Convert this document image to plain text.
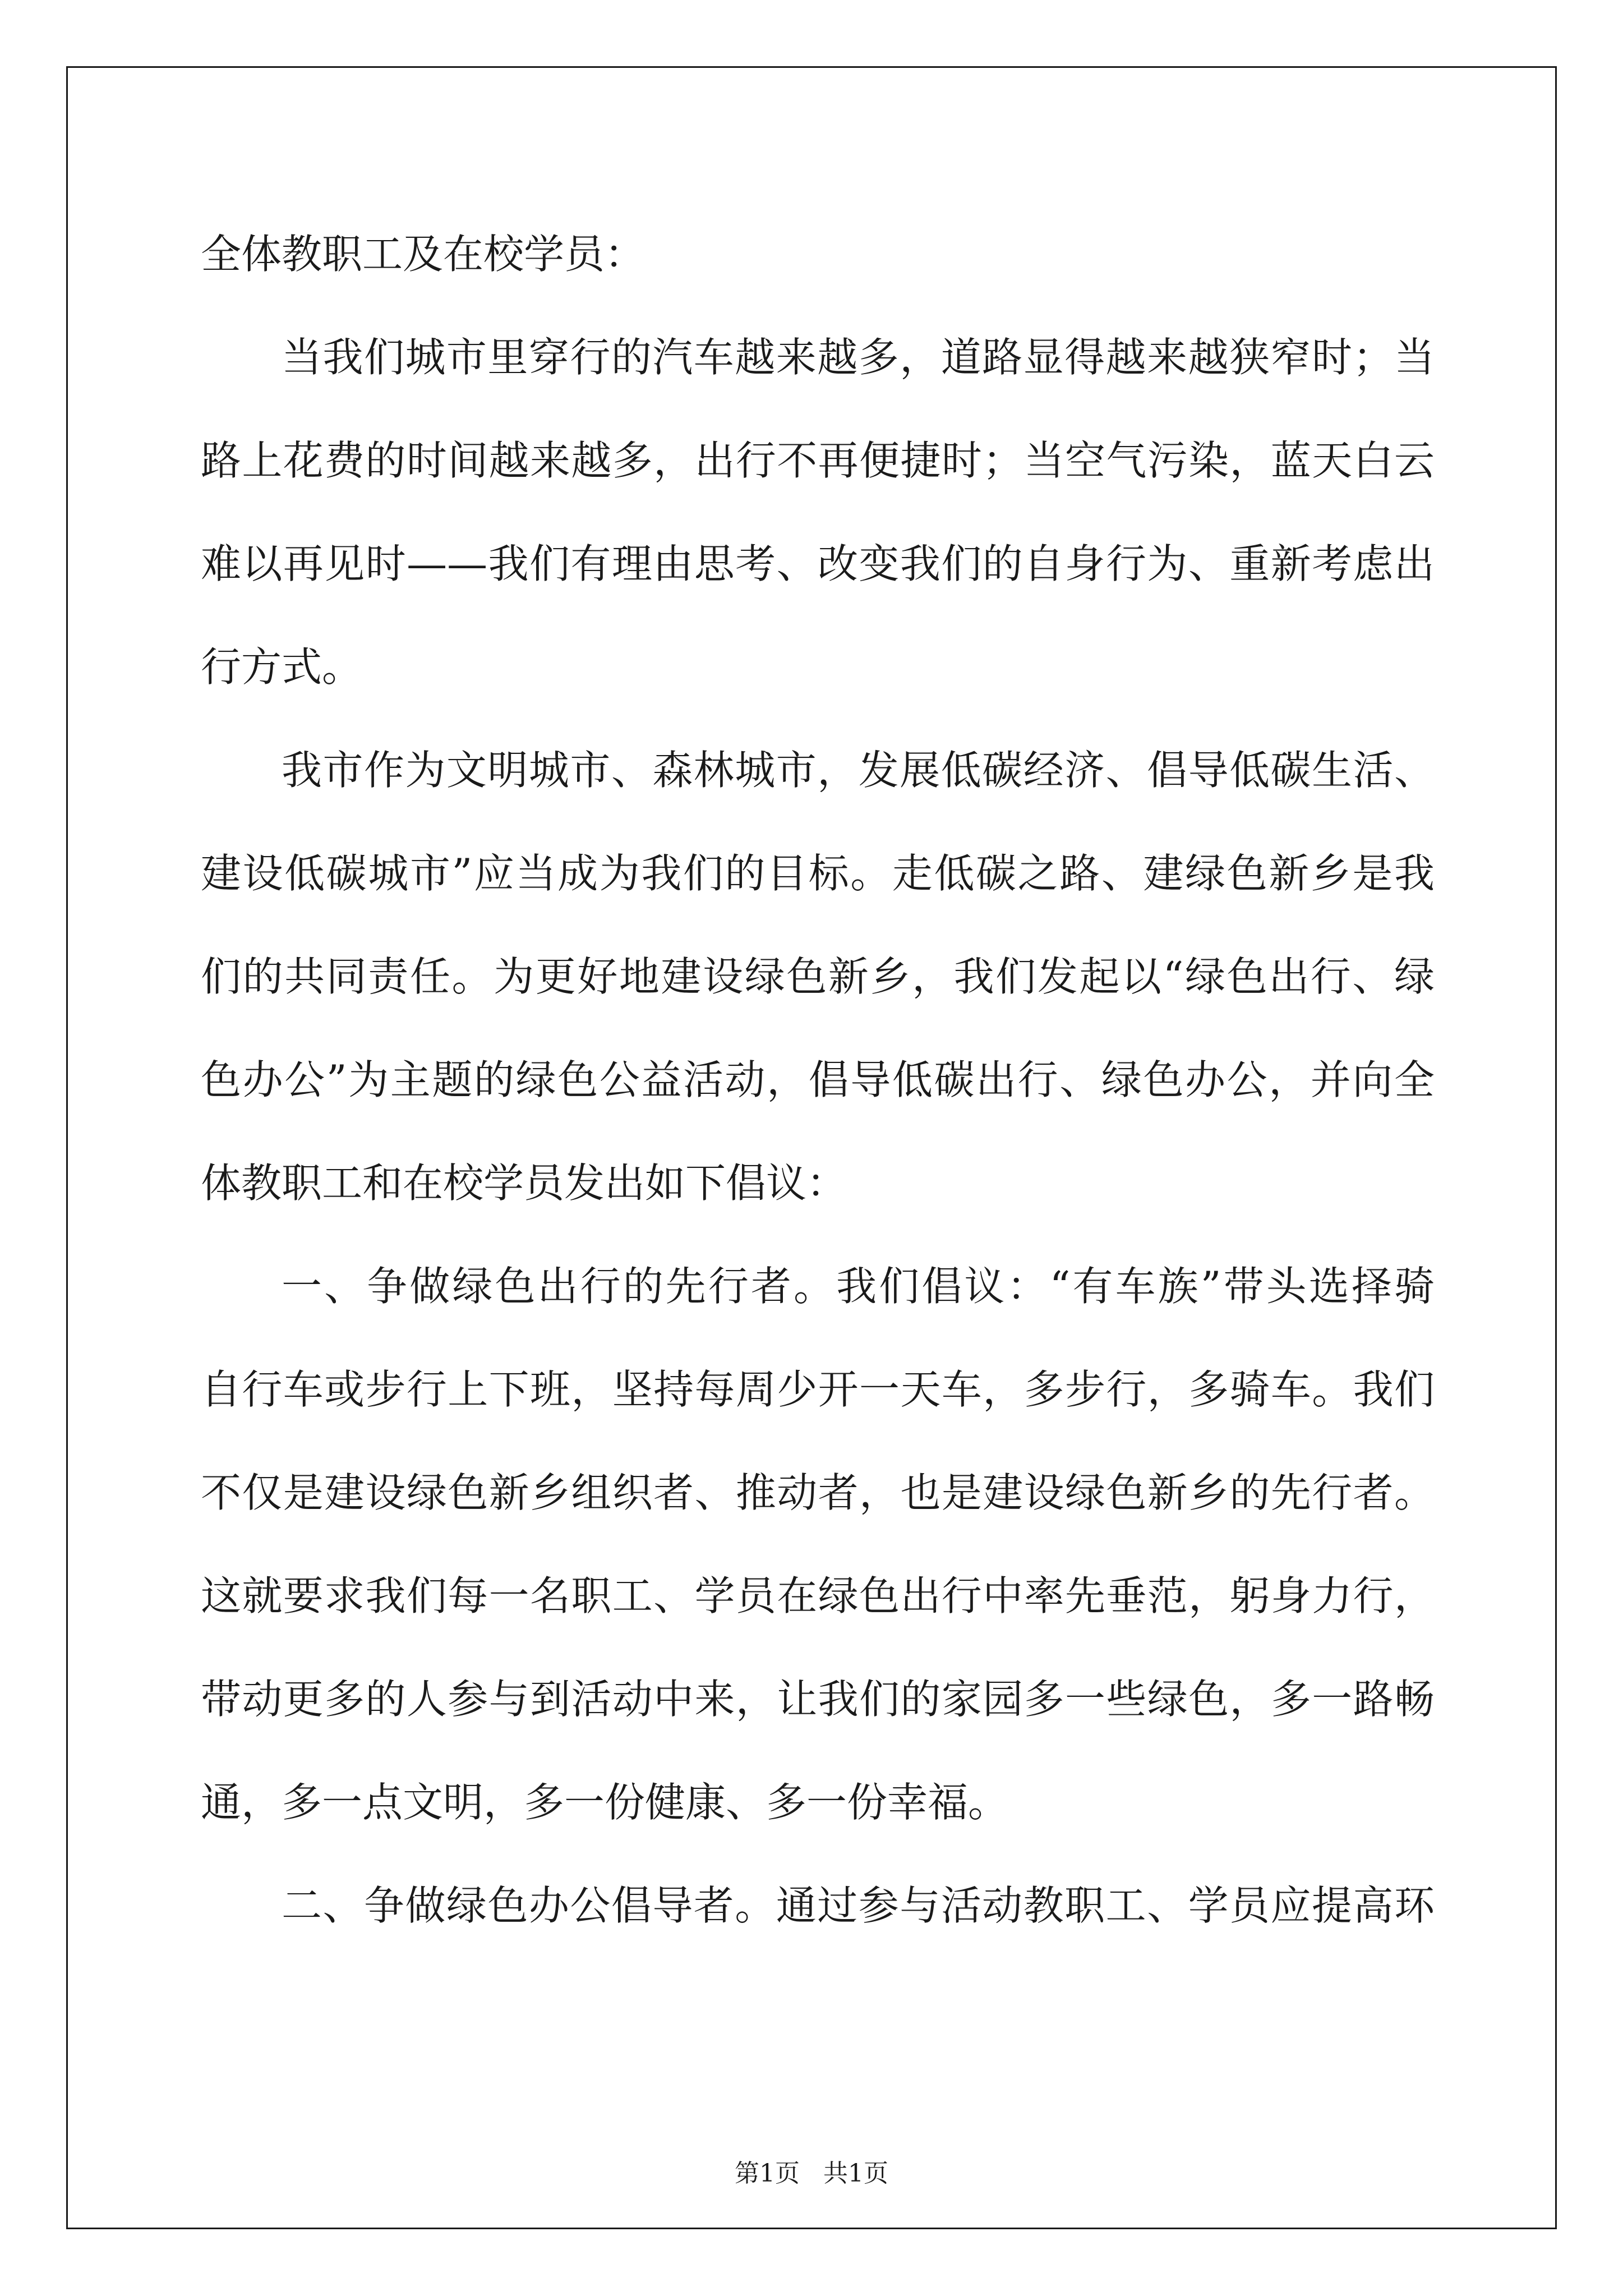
全体教职工及在校学员：
当我们城市里穿行的汽车越来越多，道路显得越来越狭窄时；当
路上花费的时间越来越多，出行不再便捷时；当空气污染，蓝天白云
难以再见时——我们有理由思考、改变我们的自身行为、重新考虑出
行方式。
我市作为文明城市、森林城市，发展低碳经济、倡导低碳生活、
建设低碳城市”应当成为我们的目标。走低碳之路、建绿色新乡是我
们的共同责任。为更好地建设绿色新乡，我们发起以“绿色出行、绿
色办公”为主题的绿色公益活动，倡导低碳出行、绿色办公，并向全
体教职工和在校学员发出如下倡议：
一、争做绿色出行的先行者。我们倡议：“有车族”带头选择骑
自行车或步行上下班，坚持每周少开一天车，多步行，多骑车。我们
不仅是建设绿色新乡组织者、推动者，也是建设绿色新乡的先行者。
这就要求我们每一名职工、学员在绿色出行中率先垂范，躬身力行，
带动更多的人参与到活动中来，让我们的家园多一些绿色，多一路畅
通，多一点文明，多一份健康、多一份幸福。
二、争做绿色办公倡导者。通过参与活动教职工、学员应提高环
第1页   共1页
